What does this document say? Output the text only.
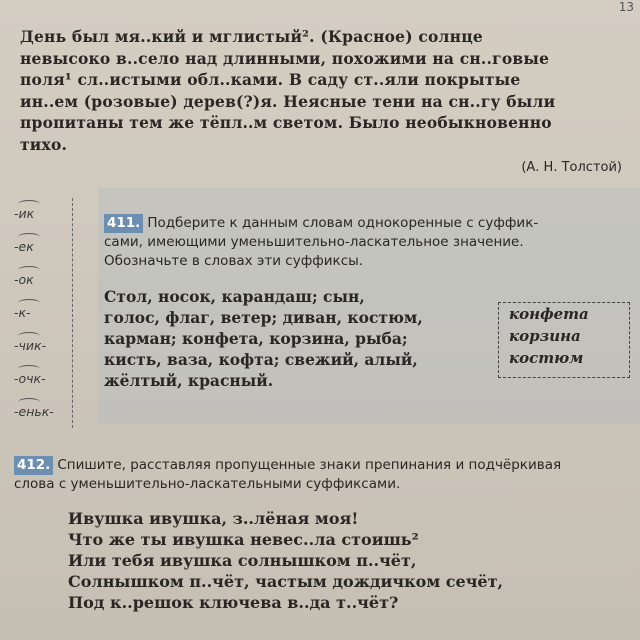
13
День был мя..кий и мглистый². (Красное) солнце
невысоко в..село над длинными, похожими на сн..говые
поля¹ сл..истыми обл..ками. В саду ст..яли покрытые
ин..ем (розовые) дерев(?)я. Неясные тени на сн..гу были
пропитаны тем же тёпл..м светом. Было необыкновенно
тихо.
(А. Н. Толстой)
-ик
-ек
-ок
-к-
-чик-
-очк-
-еньк-
411. Подберите к данным словам однокоренные с суффик-
сами, имеющими уменьшительно-ласкательное значение.
Обозначьте в словах эти суффиксы.
Стол, носок, карандаш; сын,
голос, флаг, ветер; диван, костюм,
карман; конфета, корзина, рыба;
кисть, ваза, кофта; свежий, алый,
жёлтый, красный.
конфета
корзина
костюм
412. Спишите, расставляя пропущенные знаки препинания и подчёркивая
слова с уменьшительно-ласкательными суффиксами.
Ивушка ивушка, з..лёная моя!
Что же ты ивушка невес..ла стоишь²
Или тебя ивушка солнышком п..чёт,
Солнышком п..чёт, частым дождичком сечёт,
Под к..решок ключева в..да т..чёт?
